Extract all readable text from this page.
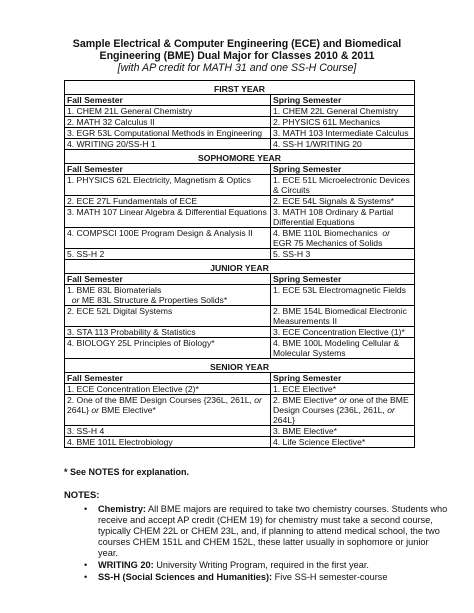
Sample Electrical & Computer Engineering (ECE) and Biomedical
Engineering (BME) Dual Major for Classes 2010 & 2011
[with AP credit for MATH 31 and one SS-H Course]
FIRST YEAR	
Fall Semester	Spring Semester
1. CHEM 21L General Chemistry	1. CHEM 22L General Chemistry
2. MATH 32 Calculus II	2. PHYSICS 61L Mechanics
3. EGR 53L Computational Methods in Engineering	3. MATH 103 Intermediate Calculus
4. WRITING 20/SS-H 1	4. SS-H 1/WRITING 20
SOPHOMORE YEAR	
Fall Semester	Spring Semester
1. PHYSICS 62L Electricity, Magnetism & Optics	1. ECE 51L Microelectronic Devices & Circuits
2. ECE 27L Fundamentals of ECE	2. ECE 54L Signals & Systems*
3. MATH 107 Linear Algebra & Differential Equations	3. MATH 108 Ordinary & Partial Differential Equations
4. COMPSCI 100E Program Design & Analysis II	4. BME 110L Biomechanics or
EGR 75 Mechanics of Solids
5. SS-H 2	5. SS-H 3
JUNIOR YEAR	
Fall Semester	Spring Semester
1. BME 83L Biomaterials
or ME 83L Structure & Properties Solids*	1. ECE 53L Electromagnetic Fields
2. ECE 52L Digital Systems	2. BME 154L Biomedical Electronic Measurements II
3. STA 113 Probability & Statistics	3. ECE Concentration Elective (1)*
4. BIOLOGY 25L Principles of Biology*	4. BME 100L Modeling Cellular & Molecular Systems
SENIOR YEAR	
Fall Semester	Spring Semester
1. ECE Concentration Elective (2)*	1. ECE Elective*
2. One of the BME Design Courses {236L, 261L, or
264L} or BME Elective*	2. BME Elective* or one of the BME Design Courses {236L, 261L, or 264L}
3. SS-H 4	3. BME Elective*
4. BME 101L Electrobiology	4. Life Science Elective*
* See NOTES for explanation.
NOTES:
• Chemistry: All BME majors are required to take two chemistry courses. Students who receive and accept AP credit (CHEM 19) for chemistry must take a second course, typically CHEM 22L or CHEM 23L, and, if planning to attend medical school, the two courses CHEM 151L and CHEM 152L, these latter usually in sophomore or junior year.
• WRITING 20: University Writing Program, required in the first year.
• SS-H (Social Sciences and Humanities): Five SS-H semester-course
